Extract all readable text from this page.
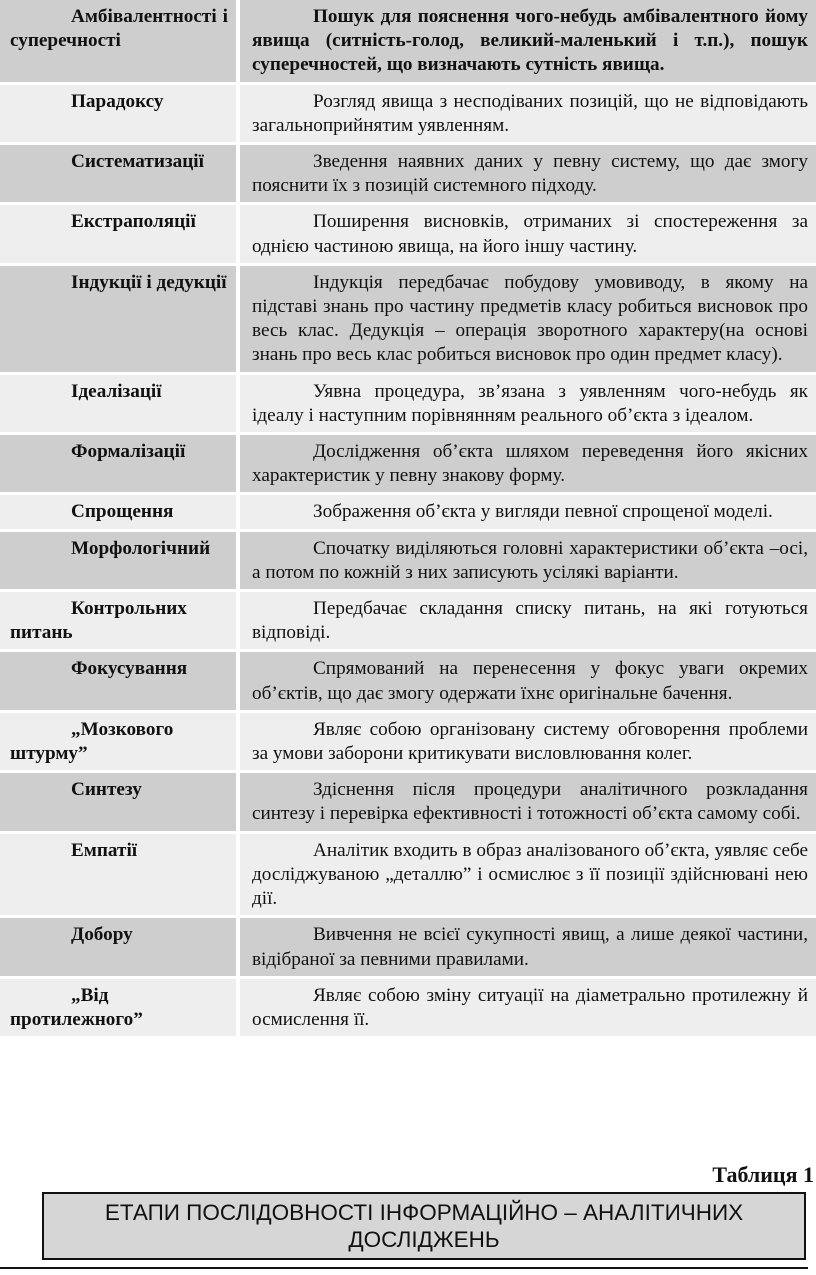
Амбівалентності і суперечності	Пошук для пояснення чого-небудь амбівалентного йому явища (ситність-голод, великий-маленький і т.п.), пошук суперечностей, що визначають сутність явища.
Парадоксу	Розгляд явища з несподіваних позицій, що не відповідають загальноприйнятим уявленням.
Систематизації	Зведення наявних даних у певну систему, що дає змогу пояснити їх з позицій системного підходу.
Екстраполяції	Поширення висновків, отриманих зі спостереження за однією частиною явища, на його іншу частину.
Індукції і дедукції	Індукція передбачає побудову умовиводу, в якому на підставі знань про частину предметів класу робиться висновок про весь клас. Дедукція – операція зворотного характеру(на основі знань про весь клас робиться висновок про один предмет класу).
Ідеалізації	Уявна процедура, зв’язана з уявленням чого-небудь як ідеалу і наступним порівнянням реального об’єкта з ідеалом.
Формалізації	Дослідження об’єкта шляхом переведення його якісних характеристик у певну знакову форму.
Спрощення	Зображення об’єкта у вигляди певної спрощеної моделі.
Морфологічний	Спочатку виділяються головні характеристики об’єкта –осі, а потом по кожній з них записують усілякі варіанти.
Контрольних питань	Передбачає складання списку питань, на які готуються відповіді.
Фокусування	Спрямований на перенесення у фокус уваги окремих об’єктів, що дає змогу одержати їхнє оригінальне бачення.
„Мозкового штурму”	Являє собою організовану систему обговорення проблеми за умови заборони критикувати висловлювання колег.
Синтезу	Здіснення після процедури аналітичного розкладання синтезу і перевірка ефективності і тотожності об’єкта самому собі.
Емпатії	Аналітик входить в образ аналізованого об’єкта, уявляє себе досліджуваною „деталлю” і осмислює з її позиції здійснювані нею дії.
Добору	Вивчення не всієї сукупності явищ, а лише деякої частини, відібраної за певними правилами.
„Від протилежного”	Являє собою зміну ситуації на діаметрально протилежну й осмислення її.
Таблиця 1
ЕТАПИ ПОСЛІДОВНОСТІ ІНФОРМАЦІЙНО – АНАЛІТИЧНИХ ДОСЛІДЖЕНЬ
